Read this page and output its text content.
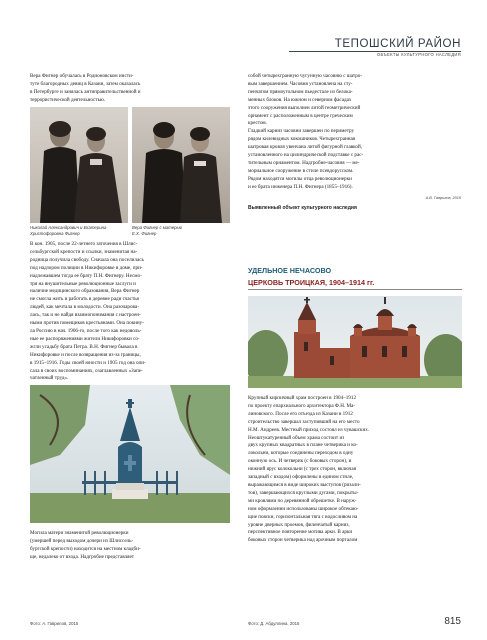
ТЕПОШСКИЙ РАЙОН
ОБЪЕКТЫ КУЛЬТУРНОГО НАСЛЕДИЯ

Вера Фигнер обучалась в Родионовском инсти-
туте благородных девиц в Казани, затем оказалась
в Петербурге и занялась антиправительственной и
террористической деятельностью.

Николай Александрович и Екатерина Христофоровна Фигнер
Вера Фигнер с матерью
Е.Х. Фигнер

В кон. 1905, после 22-летнего заточения в Шлис-
сельбургской крепости и ссылки, знаменитая на-
родница получила свободу. Сначала она поселилась
под надзором полиции в Никифоровке в доме, при-
надлежавшем тогда ее брату П.Н. Фигнеру. Несмо-
тря на внушительные революционные заслуги и
наличие медицинского образования, Вера Фигнер
не смогла жить и работать в деревне ради счастья
людей, как мечтала в молодости. Она разочарова-
лась, так и не найдя взаимопонимания с настроен-
ными против помещиков крестьянами. Она покину-
ла Россию в нач. 1906-го, после того как недоволь-
ные ее распоряжениями жители Никифоровки со-
жгли усадьбу брата Петра. В.Н. Фигнер бывала в
Никифоровке и после возвращения из-за границы,
в 1915–1916. Годы своей юности и 1905 год она опи-
сала в своих воспоминаниях, озаглавленных «Запе-
чатленный труд».

Могила матери знаменитой революционерки
(умершей перед выходом дочери из Шлиссель-
бургской крепости) находится на местном кладби-
ще, недалеко от входа. Надгробие представляет

собой четырехгранную чугунную часовню с шатро-
вым завершением. Часовня установлена на сту-
пенчатом прямоугольном пьедестале из белока-
менных блоков. На южном и северном фасадах
этого сооружения выполнен литой геометрический
орнамент с расположенным в центре греческим
крестом.
Гладкий карниз часовни завершен по периметру
рядом килевидных кокошников. Четырехгранная
шатровая кровля увенчана литой фигурной главкой,
установленного на цилиндрической подставке с рас-
тительным орнаментом. Надгробие-часовня — ме-
мориальное сооружение в стиле псевдорусском.
Рядом находятся могилы отца революционерки
и ее брата инженера П.Н. Фигнера (1855–1916).

А.В. Гаврилов, 2015
Выявленный объект культурного наследия
УДЕЛЬНОЕ НЕЧАСОВО
ЦЕРКОВЬ ТРОИЦКАЯ, 1904–1914 гг.

Крупный кирпичный храм построен в 1904–1912
по проекту епархиального архитектора Ф.Н. Ма-
линовского. После его отъезда из Казани в 1912
строительство завершал заступивший на его место
Н.М. Андреев. Местный приход состоял из чувашских.
Неоштукатуренный объем храма состоит из
двух крупных квадратных в плане четверика и ко-
локольни, которые соединены переходом в одну
оконную ось. И четверик (с боковых сторон), и
нижний ярус колокольни (с трех сторон, включая
западный с входом) оформлены в едином стиле,
выражающимся в виде широких выступов (ризали-
тов), завершающихся круглыми дугами, покрыты-
ми кровлями по деревянной обрешетке. В наруж-
ном оформлении использованы широкое обтекаю-
щие пояски, горизонтальная тяга с водосливом на
уровне дверных проемов, филенчатый карниз,
перспективное повторение мотива арки. В арки
боковых сторон четверика над арочным порталом

Фото: А. Гаврилов, 2015	Фото: Д. Абдуллина, 2015	815
